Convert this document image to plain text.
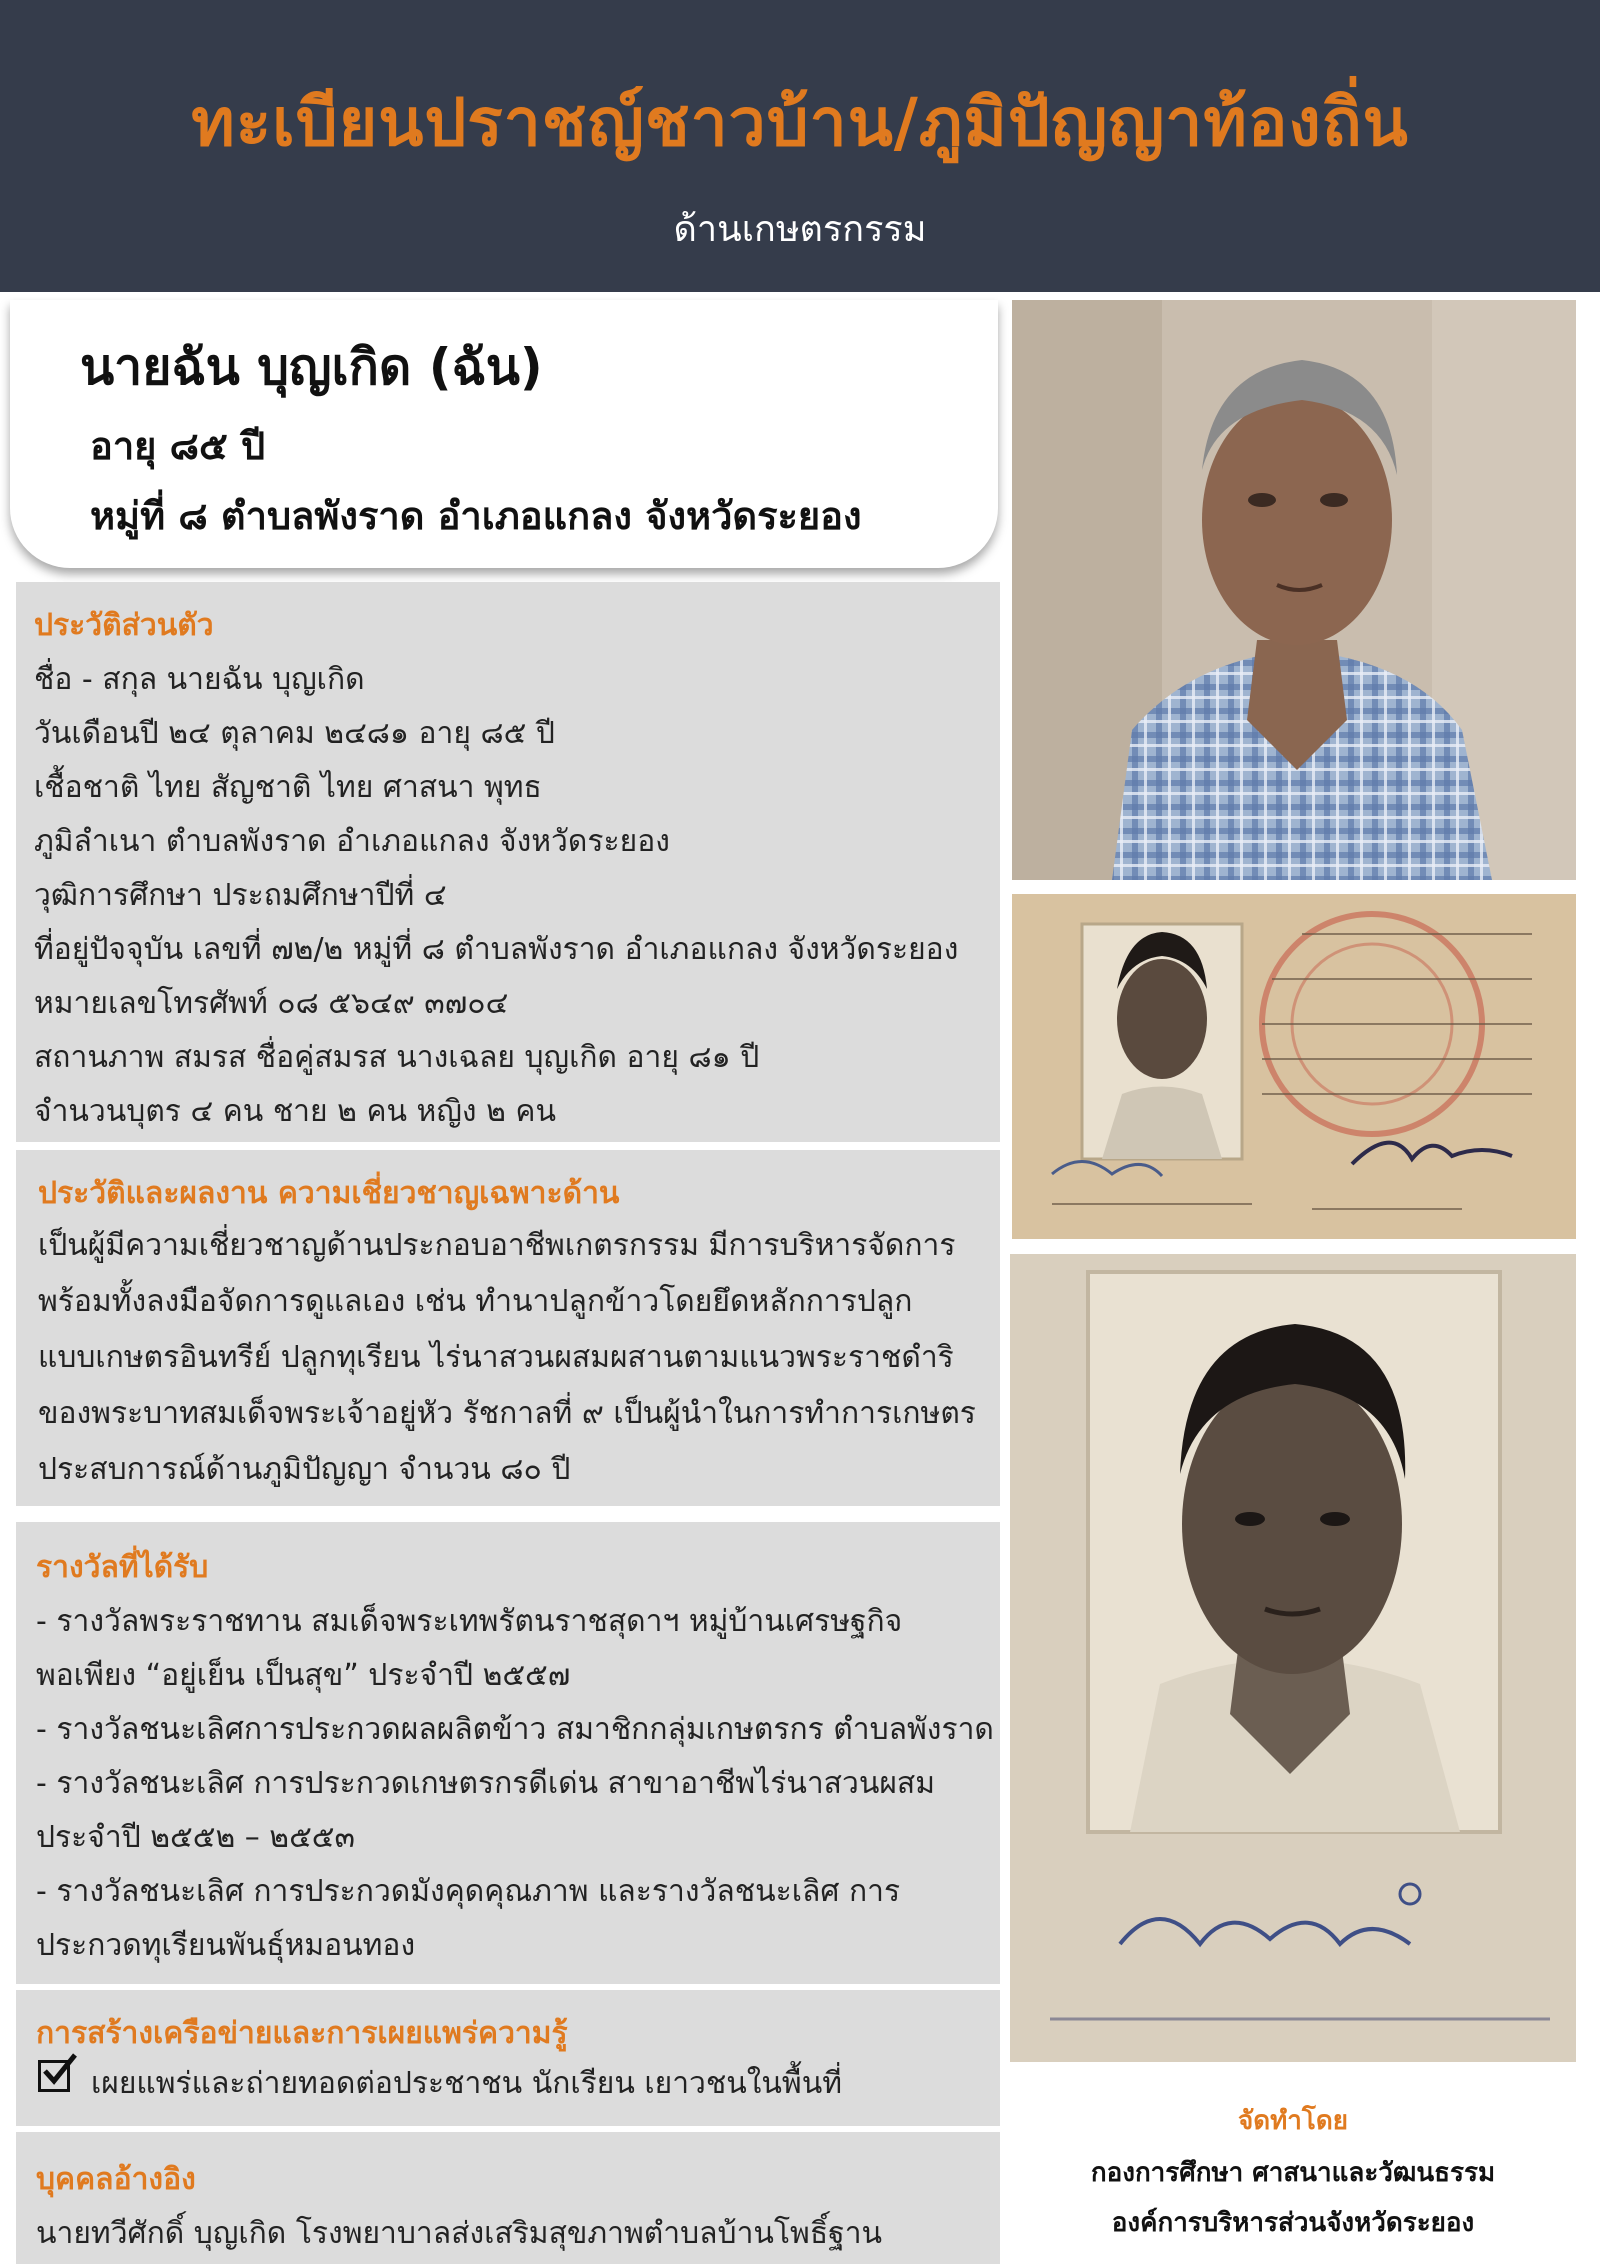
ทะเบียนปราชญ์ชาวบ้าน/ภูมิปัญญาท้องถิ่น
ด้านเกษตรกรรม
นายฉัน บุญเกิด (ฉัน)
อายุ ๘๕ ปี
หมู่ที่ ๘ ตำบลพังราด อำเภอแกลง จังหวัดระยอง
ประวัติส่วนตัว
ชื่อ - สกุล นายฉัน บุญเกิด
วันเดือนปี ๒๔ ตุลาคม ๒๔๘๑ อายุ ๘๕ ปี
เชื้อชาติ ไทย สัญชาติ ไทย ศาสนา พุทธ
ภูมิลำเนา ตำบลพังราด อำเภอแกลง จังหวัดระยอง
วุฒิการศึกษา ประถมศึกษาปีที่ ๔
ที่อยู่ปัจจุบัน เลขที่ ๗๒/๒ หมู่ที่ ๘ ตำบลพังราด อำเภอแกลง จังหวัดระยอง
หมายเลขโทรศัพท์ ๐๘ ๕๖๔๙ ๓๗๐๔
สถานภาพ สมรส ชื่อคู่สมรส นางเฉลย บุญเกิด อายุ ๘๑ ปี
จำนวนบุตร ๔ คน ชาย ๒ คน หญิง ๒ คน
ประวัติและผลงาน ความเชี่ยวชาญเฉพาะด้าน
เป็นผู้มีความเชี่ยวชาญด้านประกอบอาชีพเกตรกรรม มีการบริหารจัดการ
พร้อมทั้งลงมือจัดการดูแลเอง เช่น ทำนาปลูกข้าวโดยยึดหลักการปลูก
แบบเกษตรอินทรีย์ ปลูกทุเรียน ไร่นาสวนผสมผสานตามแนวพระราชดำริ
ของพระบาทสมเด็จพระเจ้าอยู่หัว รัชกาลที่ ๙ เป็นผู้นำในการทำการเกษตร
ประสบการณ์ด้านภูมิปัญญา จำนวน ๘๐ ปี
รางวัลที่ได้รับ
- รางวัลพระราชทาน สมเด็จพระเทพรัตนราชสุดาฯ หมู่บ้านเศรษฐกิจ
พอเพียง “อยู่เย็น เป็นสุข” ประจำปี ๒๕๕๗
- รางวัลชนะเลิศการประกวดผลผลิตข้าว สมาชิกกลุ่มเกษตรกร ตำบลพังราด
- รางวัลชนะเลิศ การประกวดเกษตรกรดีเด่น สาขาอาชีพไร่นาสวนผสม
ประจำปี ๒๕๕๒ – ๒๕๕๓
- รางวัลชนะเลิศ การประกวดมังคุดคุณภาพ และรางวัลชนะเลิศ การ
ประกวดทุเรียนพันธุ์หมอนทอง
การสร้างเครือข่ายและการเผยแพร่ความรู้
เผยแพร่และถ่ายทอดต่อประชาชน นักเรียน เยาวชนในพื้นที่
บุคคลอ้างอิง
นายทวีศักดิ์ บุญเกิด โรงพยาบาลส่งเสริมสุขภาพตำบลบ้านโพธิ์ฐาน
จัดทำโดย
กองการศึกษา ศาสนาและวัฒนธรรม
องค์การบริหารส่วนจังหวัดระยอง
